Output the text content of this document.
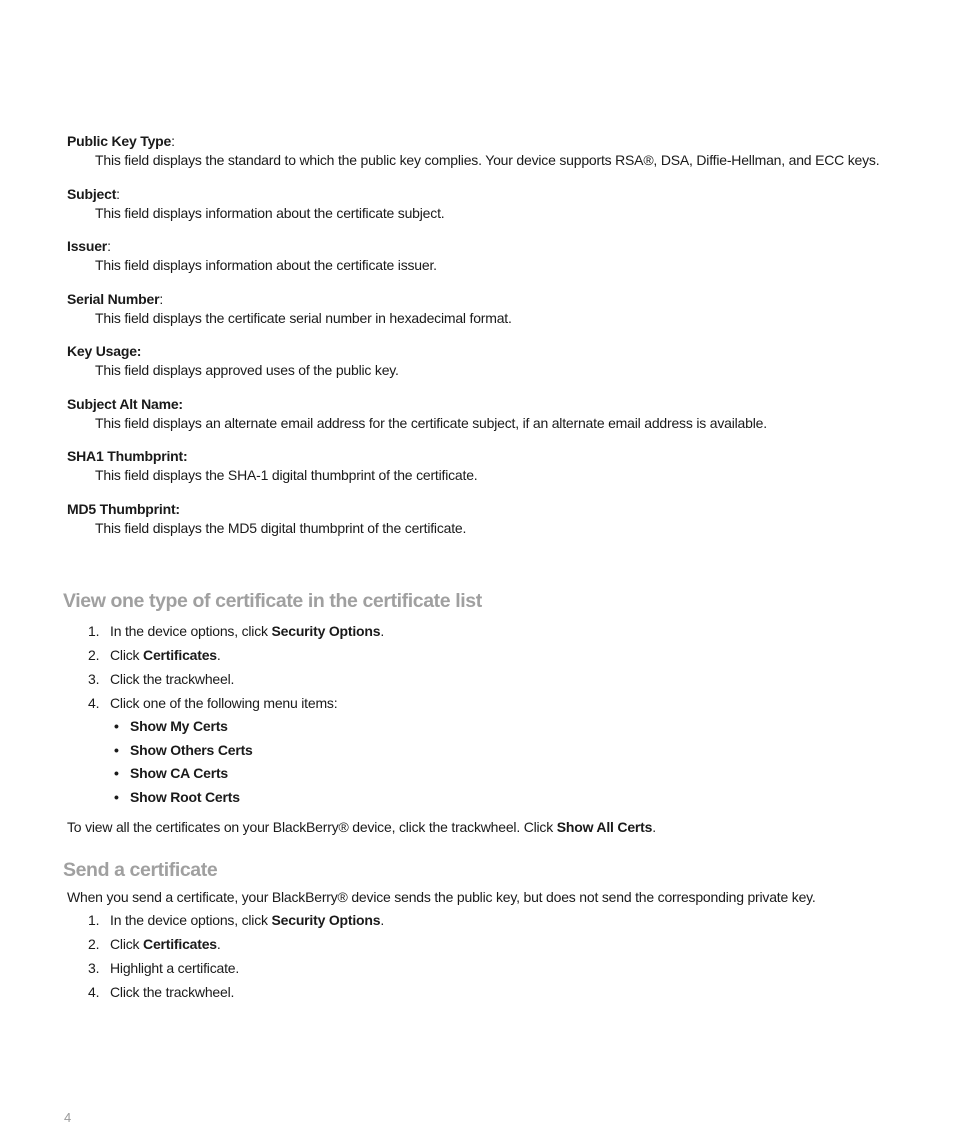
Public Key Type:
This field displays the standard to which the public key complies. Your device supports RSA®, DSA, Diffie-Hellman, and ECC keys.
Subject:
This field displays information about the certificate subject.
Issuer:
This field displays information about the certificate issuer.
Serial Number:
This field displays the certificate serial number in hexadecimal format.
Key Usage:
This field displays approved uses of the public key.
Subject Alt Name:
This field displays an alternate email address for the certificate subject, if an alternate email address is available.
SHA1 Thumbprint:
This field displays the SHA-1 digital thumbprint of the certificate.
MD5 Thumbprint:
This field displays the MD5 digital thumbprint of the certificate.
View one type of certificate in the certificate list
1. In the device options, click Security Options.
2. Click Certificates.
3. Click the trackwheel.
4. Click one of the following menu items:
• Show My Certs
• Show Others Certs
• Show CA Certs
• Show Root Certs
To view all the certificates on your BlackBerry® device, click the trackwheel. Click Show All Certs.
Send a certificate
When you send a certificate, your BlackBerry® device sends the public key, but does not send the corresponding private key.
1. In the device options, click Security Options.
2. Click Certificates.
3. Highlight a certificate.
4. Click the trackwheel.
4
